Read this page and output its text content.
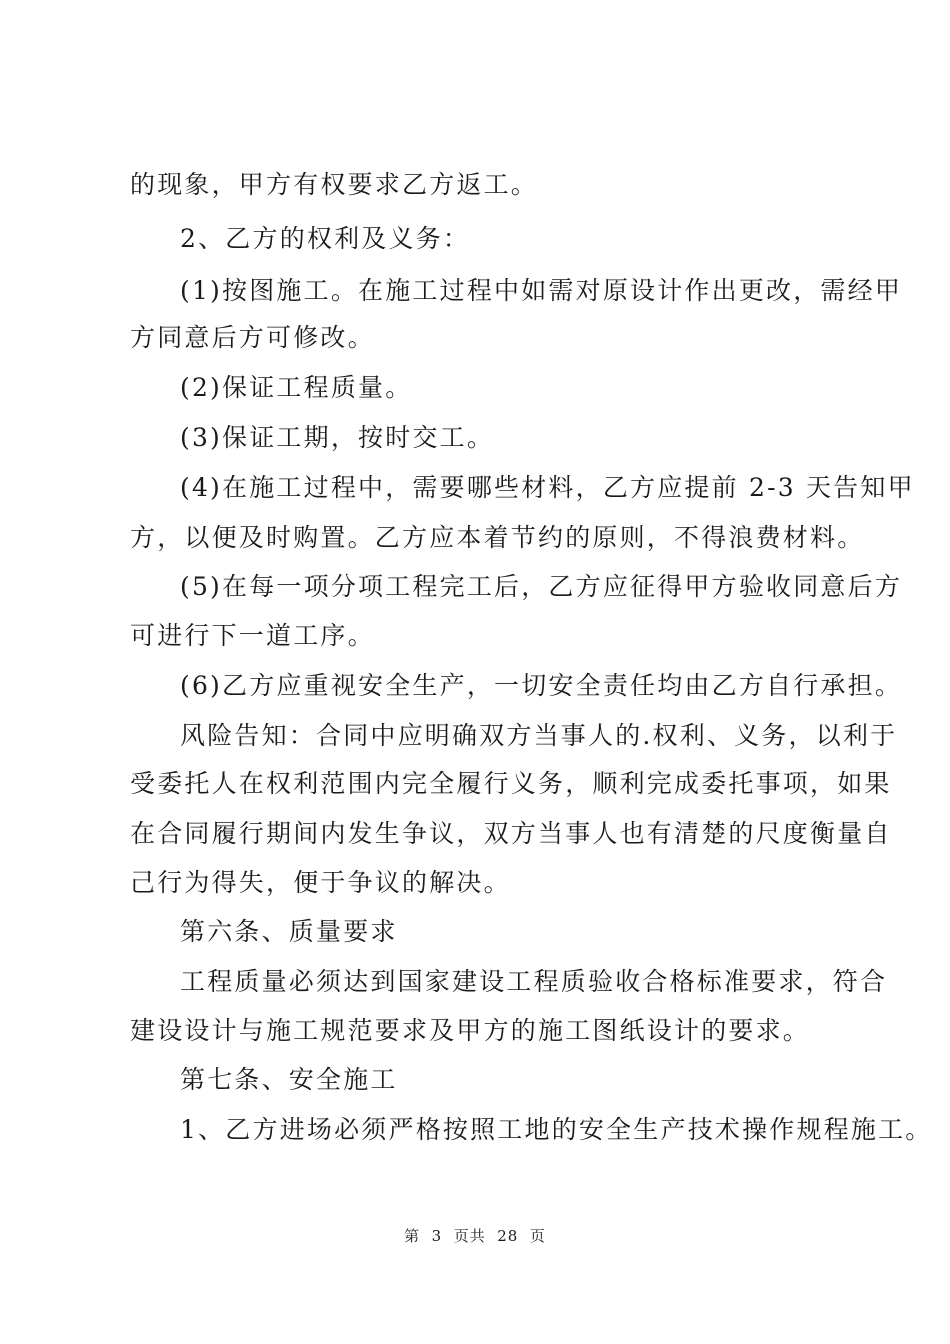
的现象，甲方有权要求乙方返工。
2、乙方的权利及义务：
(1)按图施工。在施工过程中如需对原设计作出更改，需经甲
方同意后方可修改。
(2)保证工程质量。
(3)保证工期，按时交工。
(4)在施工过程中，需要哪些材料，乙方应提前 2-3 天告知甲
方，以便及时购置。乙方应本着节约的原则，不得浪费材料。
(5)在每一项分项工程完工后，乙方应征得甲方验收同意后方
可进行下一道工序。
(6)乙方应重视安全生产，一切安全责任均由乙方自行承担。
风险告知：合同中应明确双方当事人的.权利、义务，以利于
受委托人在权利范围内完全履行义务，顺利完成委托事项，如果
在合同履行期间内发生争议，双方当事人也有清楚的尺度衡量自
己行为得失，便于争议的解决。
第六条、质量要求
工程质量必须达到国家建设工程质验收合格标准要求，符合
建设设计与施工规范要求及甲方的施工图纸设计的要求。
第七条、安全施工
1、乙方进场必须严格按照工地的安全生产技术操作规程施工。
第  3  页共  28  页
